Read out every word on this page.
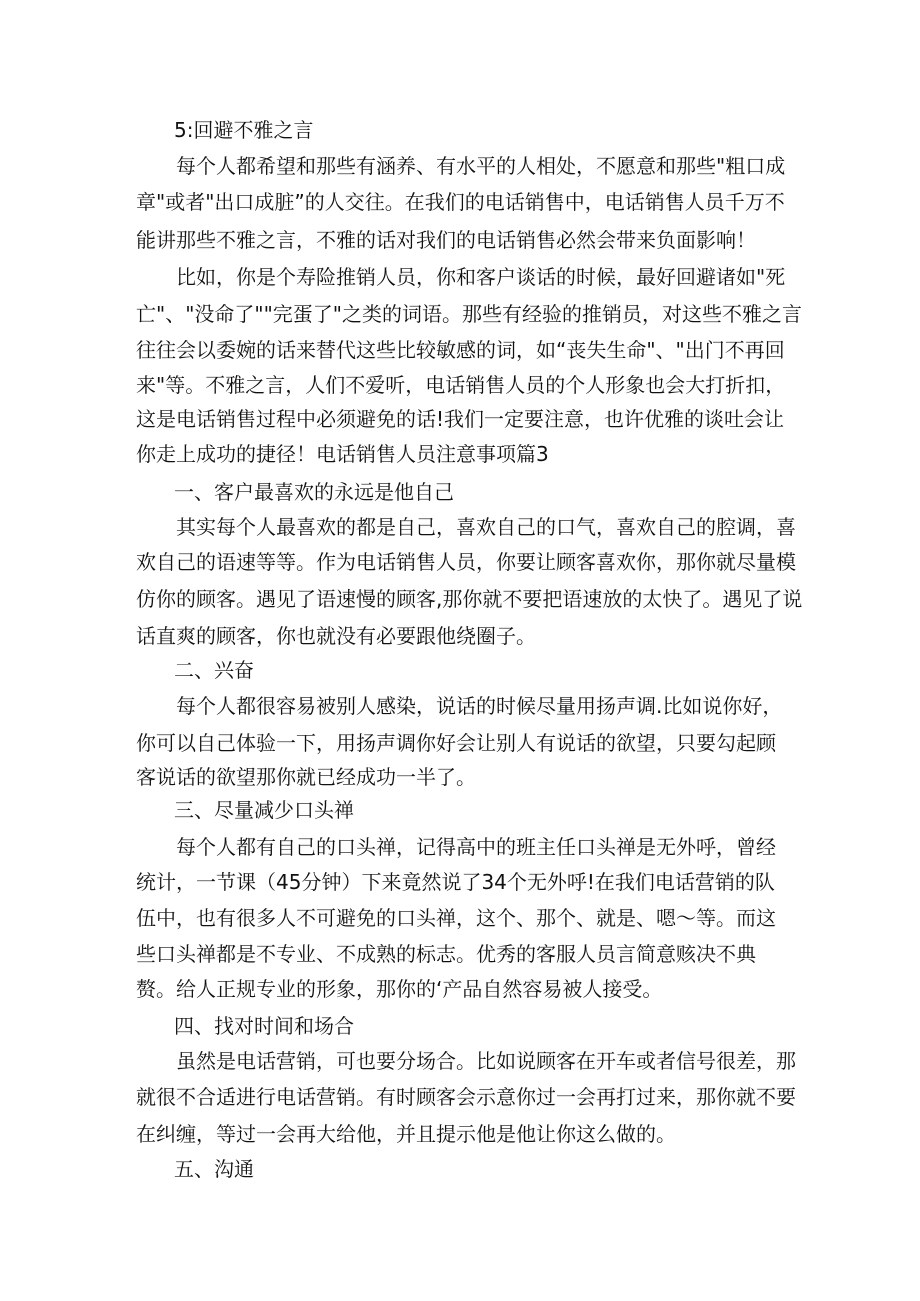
5:回避不雅之言
每个人都希望和那些有涵养、有水平的人相处，不愿意和那些"粗口成
章"或者"出口成脏”的人交往。在我们的电话销售中，电话销售人员千万不
能讲那些不雅之言，不雅的话对我们的电话销售必然会带来负面影响！
比如，你是个寿险推销人员，你和客户谈话的时候，最好回避诸如"死
亡"、"没命了""完蛋了"之类的词语。那些有经验的推销员，对这些不雅之言
往往会以委婉的话来替代这些比较敏感的词，如“丧失生命"、"出门不再回
来"等。不雅之言，人们不爱听，电话销售人员的个人形象也会大打折扣，
这是电话销售过程中必须避免的话!我们一定要注意，也许优雅的谈吐会让
你走上成功的捷径！电话销售人员注意事项篇3
一、客户最喜欢的永远是他自己
其实每个人最喜欢的都是自己，喜欢自己的口气，喜欢自己的腔调，喜
欢自己的语速等等。作为电话销售人员，你要让顾客喜欢你，那你就尽量模
仿你的顾客。遇见了语速慢的顾客,那你就不要把语速放的太快了。遇见了说
话直爽的顾客，你也就没有必要跟他绕圈子。
二、兴奋
每个人都很容易被别人感染，说话的时候尽量用扬声调.比如说你好，
你可以自己体验一下，用扬声调你好会让别人有说话的欲望，只要勾起顾
客说话的欲望那你就已经成功一半了。
三、尽量减少口头禅
每个人都有自己的口头禅，记得高中的班主任口头禅是无外呼，曾经
统计，一节课（45分钟）下来竟然说了34个无外呼!在我们电话营销的队
伍中，也有很多人不可避免的口头禅，这个、那个、就是、嗯〜等。而这
些口头禅都是不专业、不成熟的标志。优秀的客服人员言简意赅决不典
赘。给人正规专业的形象，那你的‘产品自然容易被人接受。
四、找对时间和场合
虽然是电话营销，可也要分场合。比如说顾客在开车或者信号很差，那
就很不合适进行电话营销。有时顾客会示意你过一会再打过来，那你就不要
在纠缠，等过一会再大给他，并且提示他是他让你这么做的。
五、沟通
